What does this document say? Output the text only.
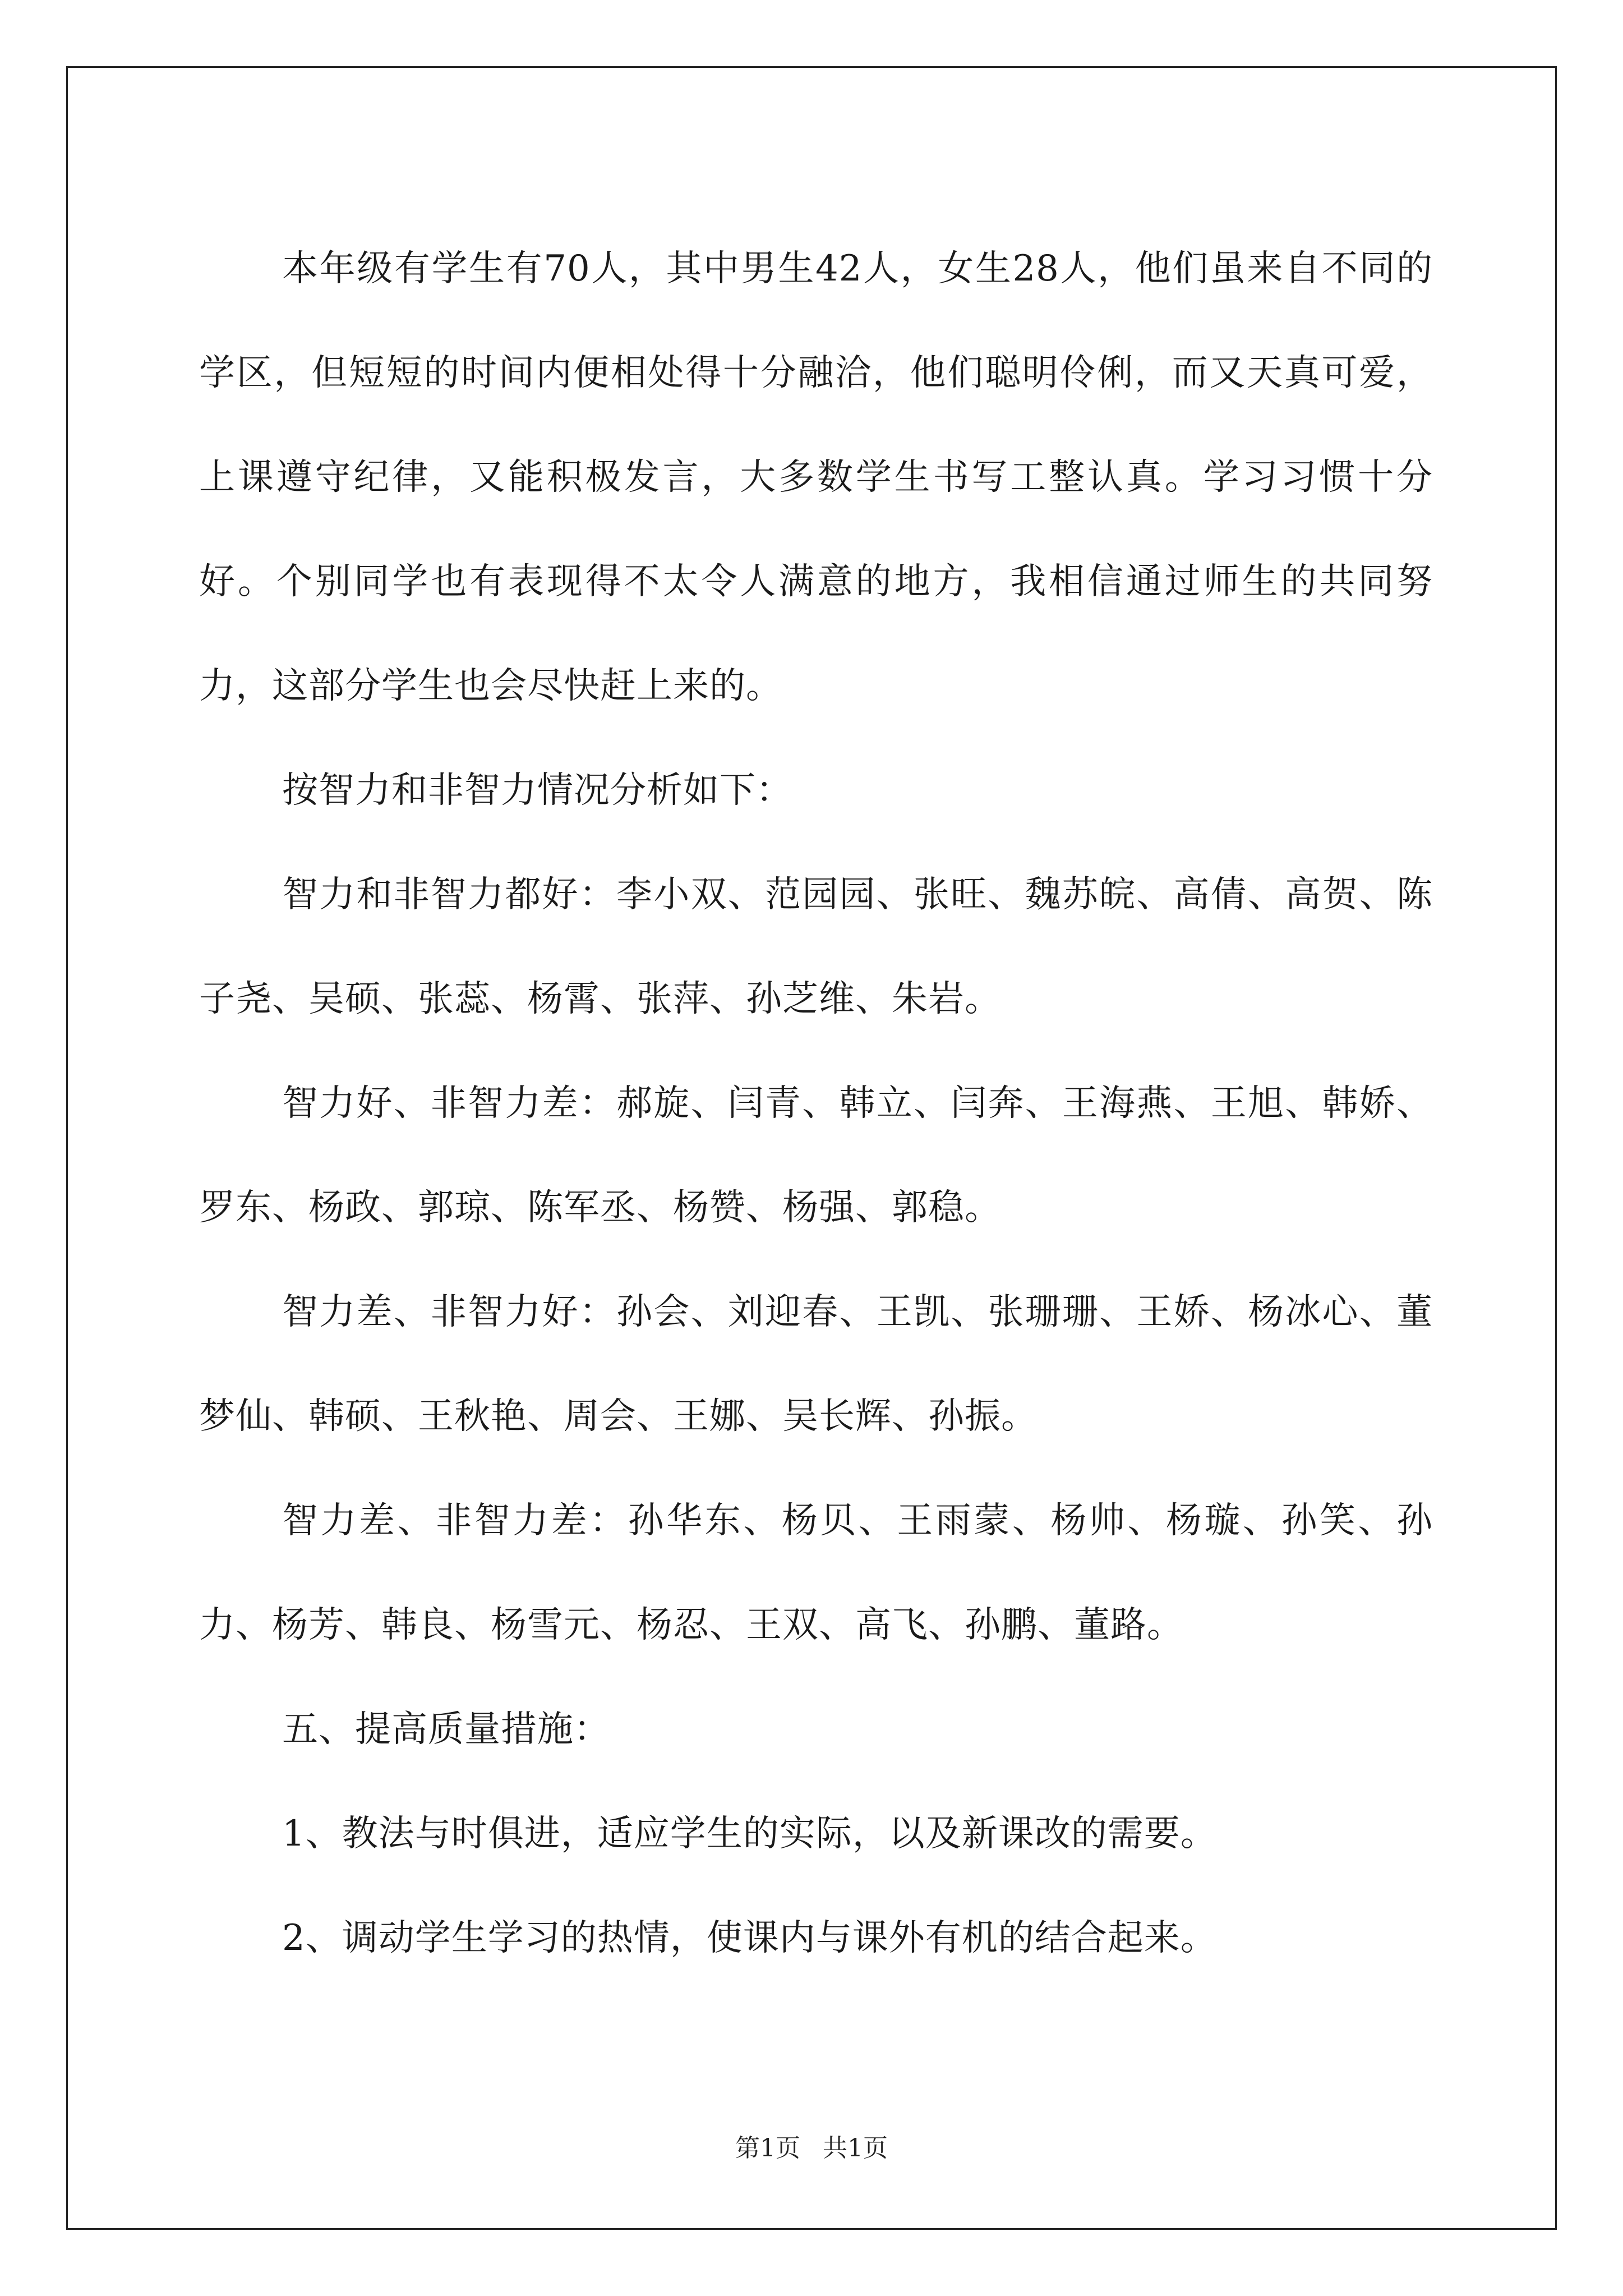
本年级有学生有70人，其中男生42人，女生28人，他们虽来自不同的学区，但短短的时间内便相处得十分融洽，他们聪明伶俐，而又天真可爱，上课遵守纪律，又能积极发言，大多数学生书写工整认真。学习习惯十分好。个别同学也有表现得不太令人满意的地方，我相信通过师生的共同努力，这部分学生也会尽快赶上来的。

按智力和非智力情况分析如下：

智力和非智力都好：李小双、范园园、张旺、魏苏皖、高倩、高贺、陈子尧、吴硕、张蕊、杨霄、张萍、孙芝维、朱岩。

智力好、非智力差：郝旋、闫青、韩立、闫奔、王海燕、王旭、韩娇、罗东、杨政、郭琼、陈军丞、杨赞、杨强、郭稳。

智力差、非智力好：孙会、刘迎春、王凯、张珊珊、王娇、杨冰心、董梦仙、韩硕、王秋艳、周会、王娜、吴长辉、孙振。

智力差、非智力差：孙华东、杨贝、王雨蒙、杨帅、杨璇、孙笑、孙力、杨芳、韩良、杨雪元、杨忍、王双、高飞、孙鹏、董路。

五、提高质量措施：

1、教法与时俱进，适应学生的实际，以及新课改的需要。

2、调动学生学习的热情，使课内与课外有机的结合起来。

第1页 共1页
